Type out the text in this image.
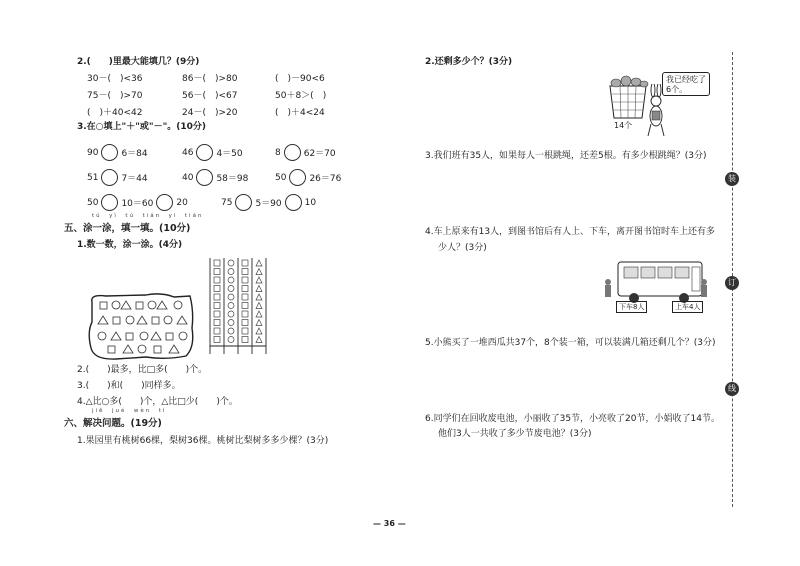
2.(　　)里最大能填几？(9分)
30－(　)<36	86－(　)>80	(　)－90<6
75－(　)>70	56－(　)<67	50＋8＞(　)
(　)＋40<42	24－(　)>20	(　)＋4<24
3.在○填上"＋"或"－"。(10分)
90	6＝84	46	4＝50	8	62＝70
51	7＝44	40	58＝98	50	26＝76
50	10＝60	20	75	5＝90	10
tú　yì　tú　tián　yi　tián
五、涂一涂，填一填。(10分)
1.数一数，涂一涂。(4分)
2.(　　)最多，比□多(　　)个。
3.(　　)和(　　)同样多。
4.△比○多(　　)个，△比□少(　　)个。
jiě　jué　wèn　tí
六、解决问题。(19分)
1.果园里有桃树66棵，梨树36棵。桃树比梨树多多少棵？(3分)
— 36 —
2.还剩多少个？(3分)
14个
我已经吃了6个。
3.我们班有35人，如果每人一根跳绳，还差5根。有多少根跳绳？(3分)
4.车上原来有13人，到图书馆后有人上、下车，离开图书馆时车上还有多
少人？(3分)
下车8人	上车4人
5.小熊买了一堆西瓜共37个，8个装一箱，可以装满几箱还剩几个？(3分)
6.同学们在回收废电池，小丽收了35节，小亮收了20节，小娟收了14节。
他们3人一共收了多少节废电池？(3分)
装
订
线
